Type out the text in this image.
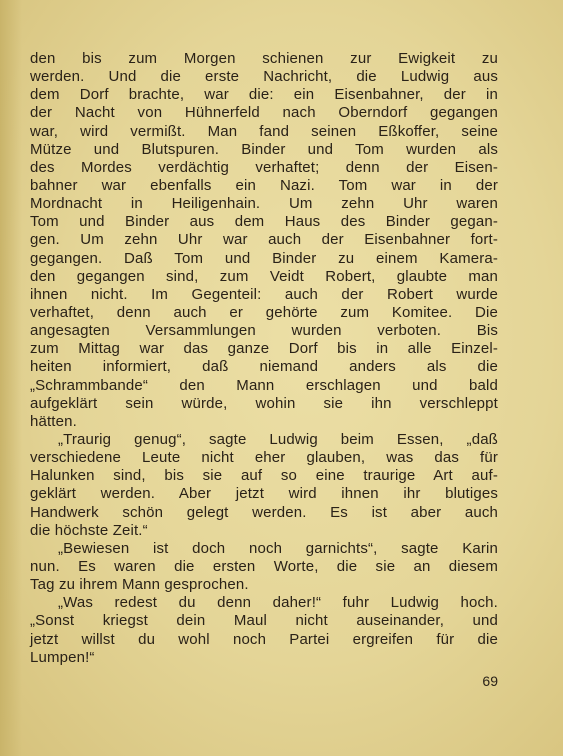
den bis zum Morgen schienen zur Ewigkeit zu
werden. Und die erste Nachricht, die Ludwig aus
dem Dorf brachte, war die: ein Eisenbahner, der in
der Nacht von Hühnerfeld nach Oberndorf gegangen
war, wird vermißt. Man fand seinen Eßkoffer, seine
Mütze und Blutspuren. Binder und Tom wurden als
des Mordes verdächtig verhaftet; denn der Eisen-
bahner war ebenfalls ein Nazi. Tom war in der
Mordnacht in Heiligenhain. Um zehn Uhr waren
Tom und Binder aus dem Haus des Binder gegan-
gen. Um zehn Uhr war auch der Eisenbahner fort-
gegangen. Daß Tom und Binder zu einem Kamera-
den gegangen sind, zum Veidt Robert, glaubte man
ihnen nicht. Im Gegenteil: auch der Robert wurde
verhaftet, denn auch er gehörte zum Komitee. Die
angesagten Versammlungen wurden verboten. Bis
zum Mittag war das ganze Dorf bis in alle Einzel-
heiten informiert, daß niemand anders als die
„Schrammbande“ den Mann erschlagen und bald
aufgeklärt sein würde, wohin sie ihn verschleppt
hätten.
„Traurig genug“, sagte Ludwig beim Essen, „daß
verschiedene Leute nicht eher glauben, was das für
Halunken sind, bis sie auf so eine traurige Art auf-
geklärt werden. Aber jetzt wird ihnen ihr blutiges
Handwerk schön gelegt werden. Es ist aber auch
die höchste Zeit.“
„Bewiesen ist doch noch garnichts“, sagte Karin
nun. Es waren die ersten Worte, die sie an diesem
Tag zu ihrem Mann gesprochen.
„Was redest du denn daher!“ fuhr Ludwig hoch.
„Sonst kriegst dein Maul nicht auseinander, und
jetzt willst du wohl noch Partei ergreifen für die
Lumpen!“
69
